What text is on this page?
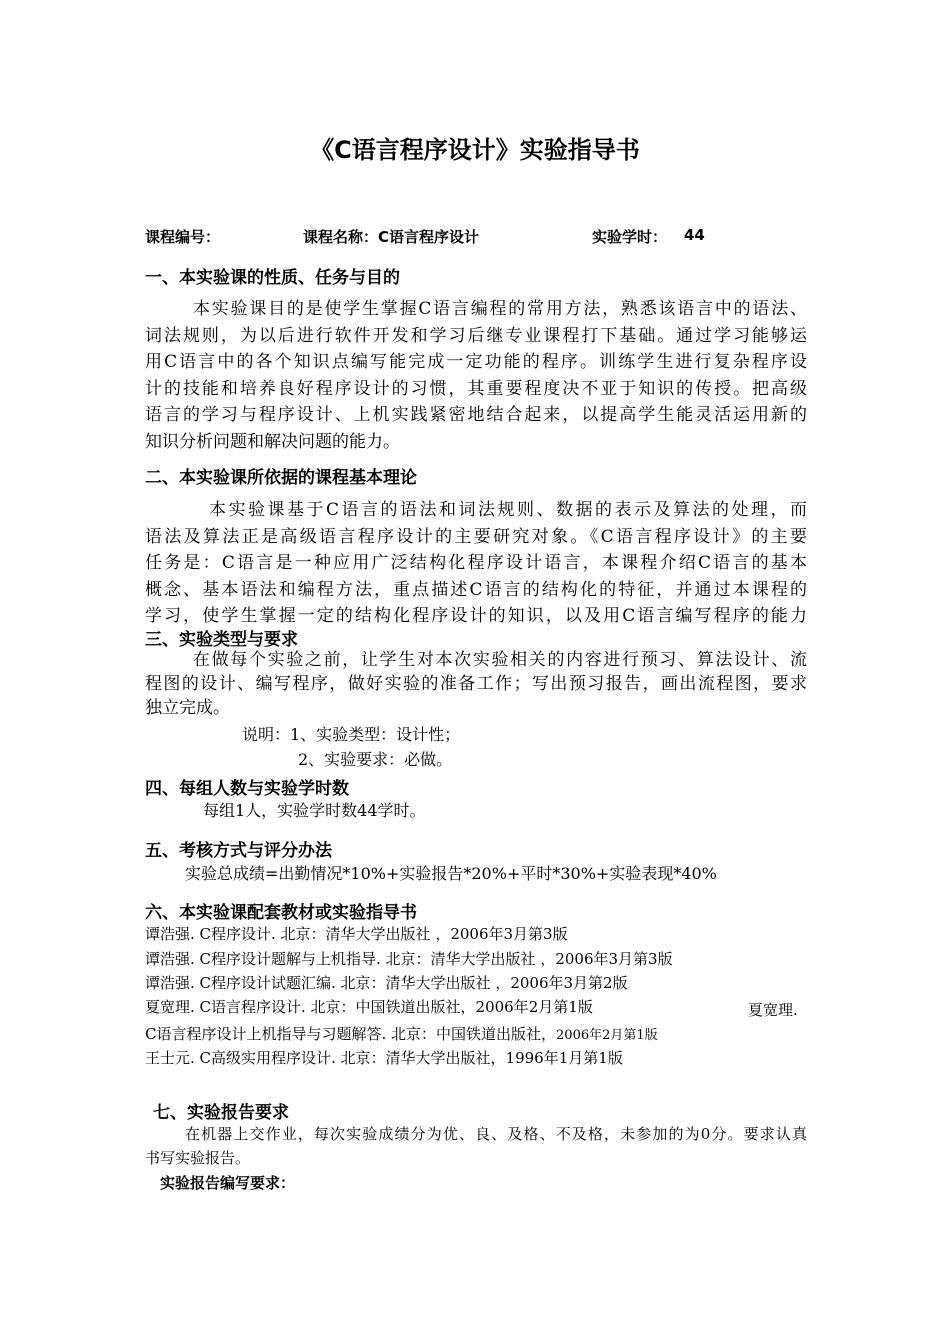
《C语言程序设计》实验指导书
课程编号：	课程名称：C语言程序设计	实验学时： 44
一、本实验课的性质、任务与目的
本实验课目的是使学生掌握C语言编程的常用方法，熟悉该语言中的语法、
词法规则，为以后进行软件开发和学习后继专业课程打下基础。通过学习能够运
用C语言中的各个知识点编写能完成一定功能的程序。训练学生进行复杂程序设
计的技能和培养良好程序设计的习惯，其重要程度决不亚于知识的传授。把高级
语言的学习与程序设计、上机实践紧密地结合起来，以提高学生能灵活运用新的
知识分析问题和解决问题的能力。
二、本实验课所依据的课程基本理论
本实验课基于C语言的语法和词法规则、数据的表示及算法的处理，而
语法及算法正是高级语言程序设计的主要研究对象。《C语言程序设计》的主要
任务是：C语言是一种应用广泛结构化程序设计语言，本课程介绍C语言的基本
概念、基本语法和编程方法，重点描述C语言的结构化的特征，并通过本课程的
学习，使学生掌握一定的结构化程序设计的知识，以及用C语言编写程序的能力
三、实验类型与要求
在做每个实验之前，让学生对本次实验相关的内容进行预习、算法设计、流
程图的设计、编写程序，做好实验的准备工作；写出预习报告，画出流程图，要求
独立完成。
说明：1、实验类型：设计性；
2、实验要求：必做。
四、每组人数与实验学时数
每组1人，实验学时数44学时。
五、考核方式与评分办法
实验总成绩=出勤情况*10%+实验报告*20%+平时*30%+实验表现*40%
六、本实验课配套教材或实验指导书
谭浩强. C程序设计. 北京：清华大学出版社 ，2006年3月第3版
谭浩强. C程序设计题解与上机指导. 北京：清华大学出版社 ，2006年3月第3版
谭浩强. C程序设计试题汇编. 北京：清华大学出版社 ，2006年3月第2版
夏宽理. C语言程序设计. 北京：中国铁道出版社，2006年2月第1版	夏宽理.
C语言程序设计上机指导与习题解答. 北京：中国铁道出版社，2006年2月第1版
王士元. C高级实用程序设计. 北京：清华大学出版社，1996年1月第1版
七、实验报告要求
在机器上交作业，每次实验成绩分为优、良、及格、不及格，未参加的为0分。要求认真
书写实验报告。
实验报告编写要求：
